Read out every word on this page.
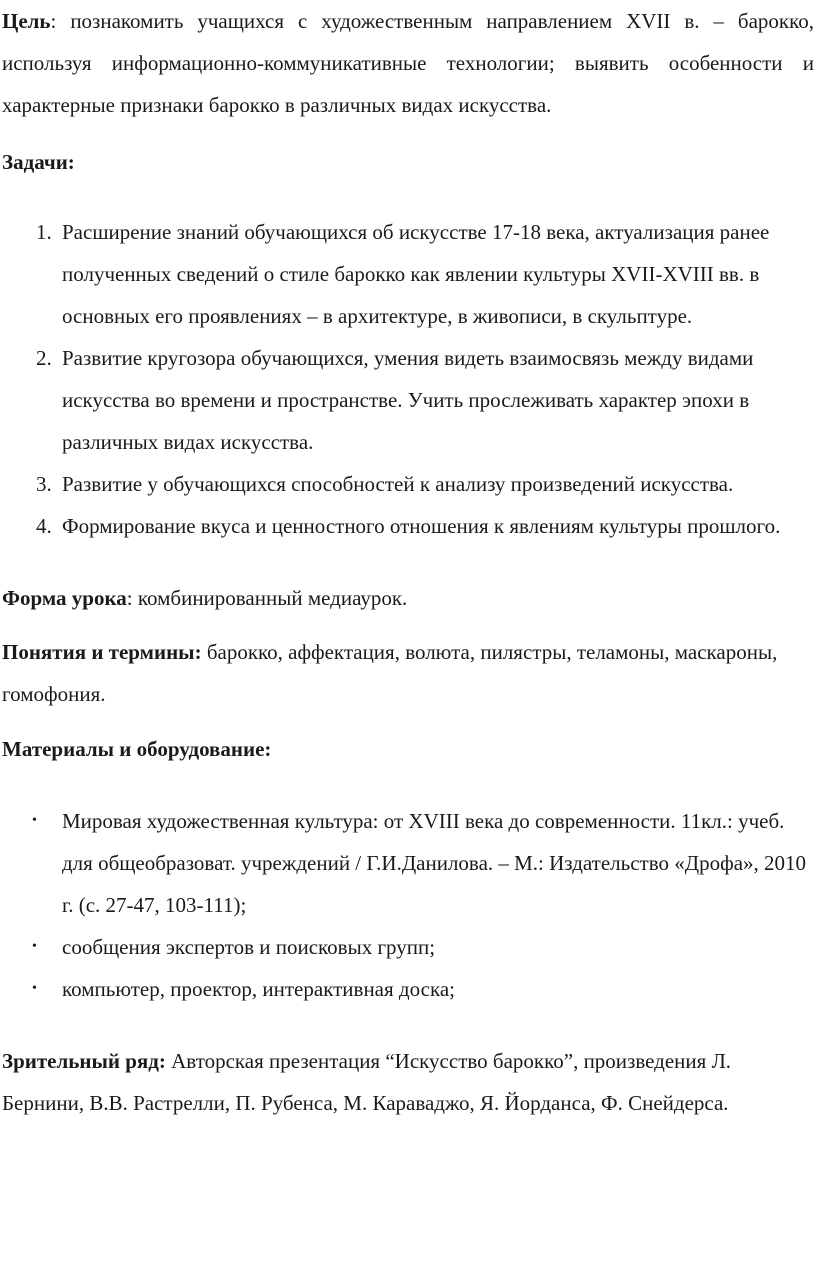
Цель: познакомить учащихся с художественным направлением XVII в. – барокко, используя информационно-коммуникативные технологии; выявить особенности и характерные признаки барокко в различных видах искусства.

Задачи:

1. Расширение знаний обучающихся об искусстве 17-18 века, актуализация ранее полученных сведений о стиле барокко как явлении культуры XVII-XVIII вв. в основных его проявлениях – в архитектуре, в живописи, в скульптуре.
2. Развитие кругозора обучающихся, умения видеть взаимосвязь между видами искусства во времени и пространстве. Учить прослеживать характер эпохи в различных видах искусства.
3. Развитие у обучающихся способностей к анализу произведений искусства.
4. Формирование вкуса и ценностного отношения к явлениям культуры прошлого.

Форма урока: комбинированный медиаурок.

Понятия и термины: барокко, аффектация, волюта, пилястры, теламоны, маскароны, гомофония.

Материалы и оборудование:

• Мировая художественная культура: от XVIII века до современности. 11кл.: учеб. для общеобразоват. учреждений / Г.И.Данилова. – М.: Издательство «Дрофа», 2010 г. (с. 27-47, 103-111);
• сообщения экспертов и поисковых групп;
• компьютер, проектор, интерактивная доска;

Зрительный ряд: Авторская презентация “Искусство барокко”, произведения Л. Бернини, В.В. Растрелли, П. Рубенса, М. Караваджо, Я. Йорданса, Ф. Снейдерса.
